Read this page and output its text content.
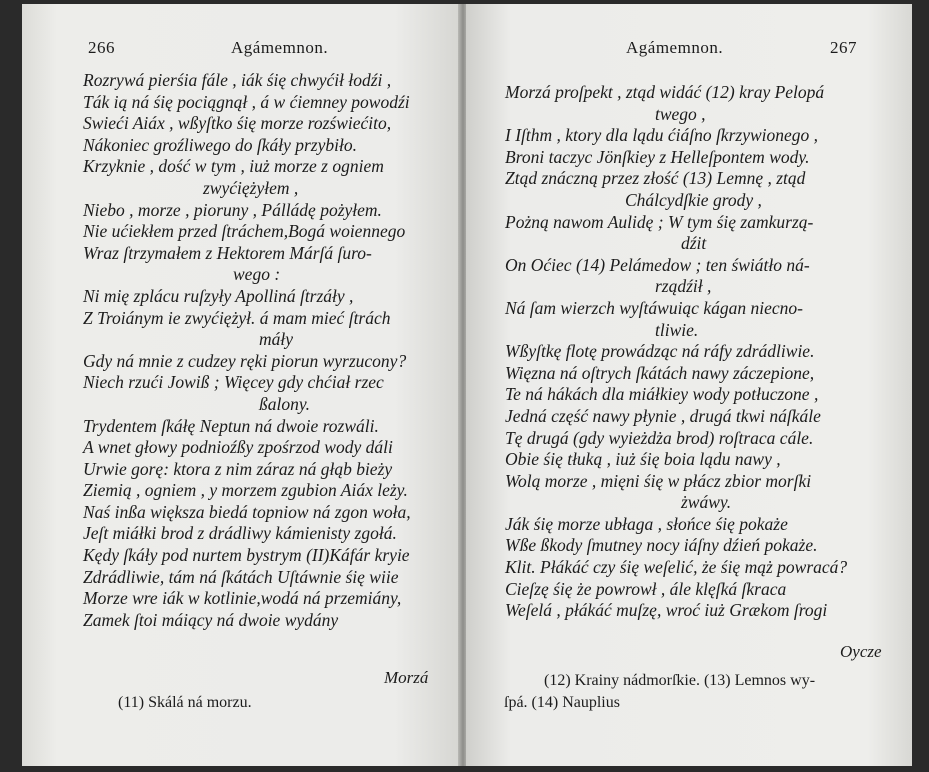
266	Agámemnon.
Rozrywá pierśia fále , iák śię chwyćił łodźi ,
Ták ią ná śię pociągnął , á w ćiemney powodźi
Swieći Aiáx , wßyſtko śię morze rozświećito,
Nákoniec groźliwego do ſkáły przybiło.
Krzyknie , dość w tym , iuż morze z ogniem
zwyćiężyłem ,
Niebo , morze , pioruny , Pálládę pożyłem.
Nie ućiekłem przed ſtráchem,Bogá woiennego
Wraz ſtrzymałem z Hektorem Márſá ſuro-
wego :
Ni mię zplácu ruſzyły Apolliná ſtrzáły ,
Z Troiánym ie zwyćiężył. á mam mieć ſtrách
máły
Gdy ná mnie z cudzey ręki piorun wyrzucony?
Niech rzući Jowiß ; Więcey gdy chćiał rzec
ßalony.
Trydentem ſkáłę Neptun ná dwoie rozwáli.
A wnet głowy podnioźßy zpośrzod wody dáli
Urwie gorę: ktora z nim záraz ná głąb bieży
Ziemią , ogniem , y morzem zgubion Aiáx leży.
Naś inßa większa biedá topniow ná zgon woła,
Jeſt miáłki brod z drádliwy kámienisty zgołá.
Kędy ſkáły pod nurtem bystrym (II)Káfár kryie
Zdrádliwie, tám ná ſkátách Uſtáwnie śię wiie
Morze wre iák w kotlinie,wodá ná przemiány,
Zamek ſtoi máiący ná dwoie wydány
Morzá
(11) Skálá ná morzu.
Agámemnon.	267
Morzá proſpekt , ztąd widáć (12) kray Pelopá
twego ,
I Iſthm , ktory dla lądu ćiáſno ſkrzywionego ,
Broni taczyc Jönſkiey z Helleſpontem wody.
Ztąd znáczną przez złość (13) Lemnę , ztąd
Chálcydſkie grody ,
Pożną nawom Aulidę ; W tym śię zamkurzą-
dźit
On Oćiec (14) Pelámedow ; ten świátło ná-
rządźił ,
Ná ſam wierzch wyſtáwuiąc kágan niecno-
tliwie.
Wßyſtkę flotę prowádząc ná ráfy zdrádliwie.
Więzna ná oſtrych ſkátách nawy záczepione,
Te ná hákách dla miáłkiey wody potłuczone ,
Jedná część nawy płynie , drugá tkwi náſkále
Tę drugá (gdy wyieżdża brod) roſtraca cále.
Obie śię tłuką , iuż śię boia lądu nawy ,
Wolą morze , mięni śię w płácz zbior morſki
żwáwy.
Ják śię morze ubłaga , słońce śię pokaże
Wße ßkody ſmutney nocy iáſny dźień pokaże.
Klit. Płákáć czy śię weſelić, że śię mąż powracá?
Cieſzę śię że powrowł , ále klęſká ſkraca
Weſelá , płákáć muſzę, wroć iuż Grækom ſrogi
Oycze
(12) Krainy nádmorſkie. (13) Lemnos wy-
ſpá. (14) Nauplius
